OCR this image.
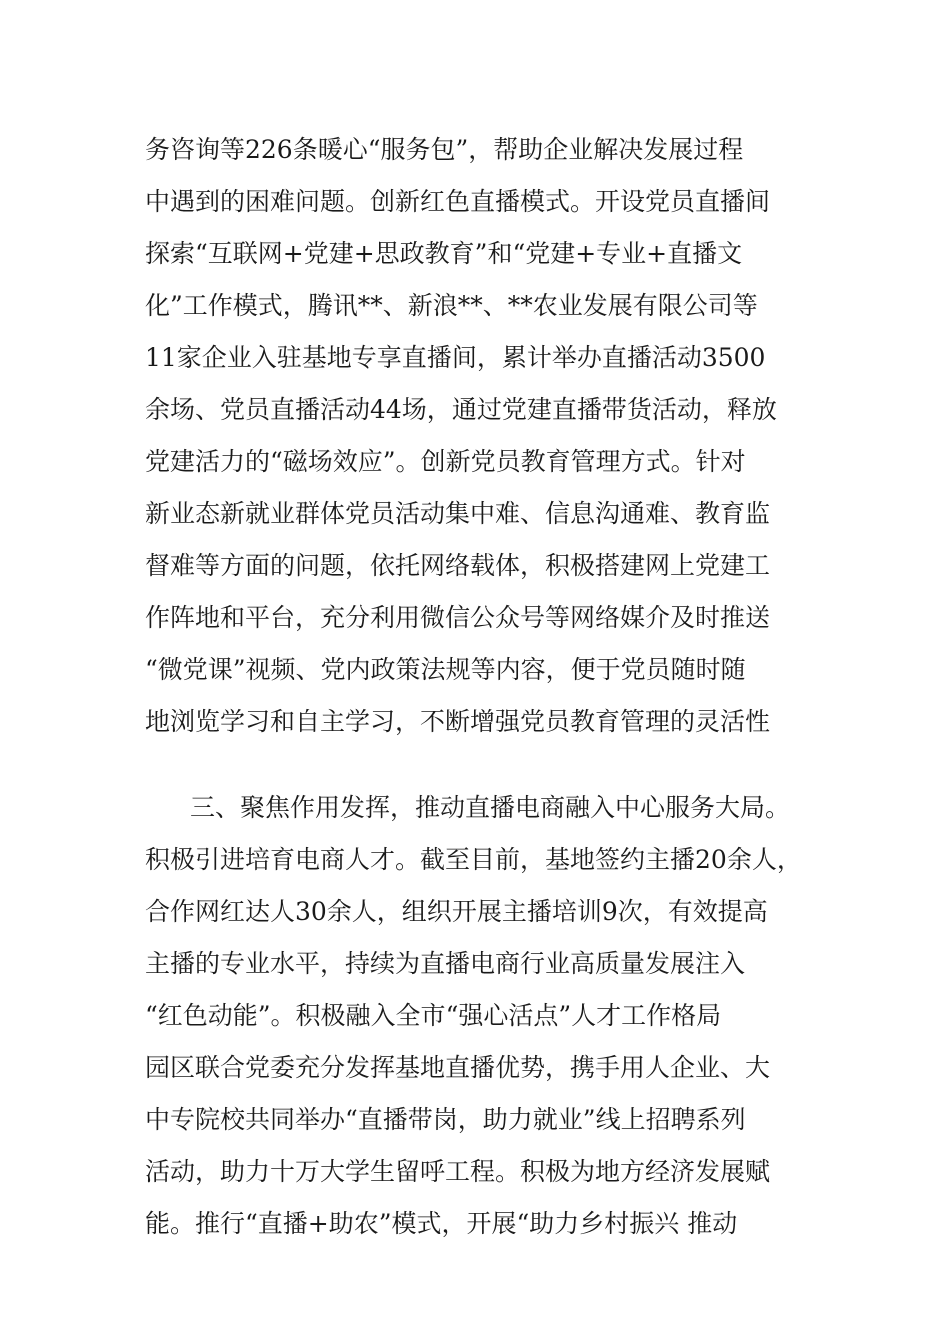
务咨询等226条暖心“服务包”，帮助企业解决发展过程
中遇到的困难问题。创新红色直播模式。开设党员直播间
探索“互联网+党建+思政教育”和“党建+专业+直播文
化”工作模式，腾讯**、新浪**、**农业发展有限公司等
11家企业入驻基地专享直播间，累计举办直播活动3500
余场、党员直播活动44场，通过党建直播带货活动，释放
党建活力的“磁场效应”。创新党员教育管理方式。针对
新业态新就业群体党员活动集中难、信息沟通难、教育监
督难等方面的问题，依托网络载体，积极搭建网上党建工
作阵地和平台，充分利用微信公众号等网络媒介及时推送
“微党课”视频、党内政策法规等内容，便于党员随时随
地浏览学习和自主学习，不断增强党员教育管理的灵活性
三、聚焦作用发挥，推动直播电商融入中心服务大局。
积极引进培育电商人才。截至目前，基地签约主播20余人，
合作网红达人30余人，组织开展主播培训9次，有效提高
主播的专业水平，持续为直播电商行业高质量发展注入
“红色动能”。积极融入全市“强心活点”人才工作格局
园区联合党委充分发挥基地直播优势，携手用人企业、大
中专院校共同举办“直播带岗，助力就业”线上招聘系列
活动，助力十万大学生留呼工程。积极为地方经济发展赋
能。推行“直播+助农”模式，开展“助力乡村振兴 推动
